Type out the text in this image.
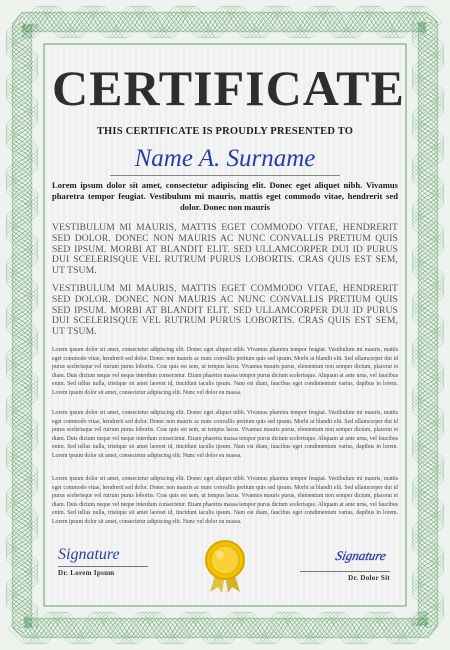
CERTIFICATE
THIS CERTIFICATE IS PROUDLY PRESENTED TO
Name A. Surname
Lorem ipsum dolor sit amet, consectetur adipiscing elit. Donec eget aliquet nibh. Vivamus pharetra tempor feugiat. Vestibulum mi mauris, mattis eget commodo vitae, hendrerit sed dolor. Donec non mauris
VESTIBULUM MI MAURIS, MATTIS EGET COMMODO VITAE, HENDRERIT SED DOLOR. DONEC NON MAURIS AC NUNC CONVALLIS PRETIUM QUIS SED IPSUM. MORBI AT BLANDIT ELIT. SED ULLAMCORPER DUI ID PURUS DUI SCELERISQUE VEL RUTRUM PURUS LOBORTIS. CRAS QUIS EST SEM, UT TSUM.
VESTIBULUM MI MAURIS, MATTIS EGET COMMODO VITAE, HENDRERIT SED DOLOR. DONEC NON MAURIS AC NUNC CONVALLIS PRETIUM QUIS SED IPSUM. MORBI AT BLANDIT ELIT. SED ULLAMCORPER DUI ID PURUS DUI SCELERISQUE VEL RUTRUM PURUS LOBORTIS. CRAS QUIS EST SEM, UT TSUM.
Lorem ipsum dolor sit amet, consectetur adipiscing elit. Donec eget aliquet nibh. Vivamus pharetra tempor feugiat. Vestibulum mi mauris, mattis eget commodo vitae, hendrerit sed dolor. Donec non mauris ac nunc convallis pretium quis sed ipsum. Morbi at blandit elit. Sed ullamcorper dui id purus scelerisque vel rutrum purus lobortis. Cras quis est sem, ut tempus lacus. Vivamus mauris purus, elementum non semper dictum, placerat et diam. Duis dictum neque vel neque interdum consectetur. Etiam pharetra massa tempor purus dictum scelerisque. Aliquam at ante urna, vel faucibus enim. Sed tellus nulla, tristique sit amet laoreet id, tincidunt iaculis ipsum. Nam est diam, faucibus eget condimentum varius, dapibus in lorem. Lorem ipsum dolor sit amet, consectetur adipiscing elit. Nunc vel dolor eu massa.
Lorem ipsum dolor sit amet, consectetur adipiscing elit. Donec eget aliquet nibh. Vivamus pharetra tempor feugiat. Vestibulum mi mauris, mattis eget commodo vitae, hendrerit sed dolor. Donec non mauris ac nunc convallis pretium quis sed ipsum. Morbi at blandit elit. Sed ullamcorper dui id purus scelerisque vel rutrum purus lobortis. Cras quis est sem, ut tempus lacus. Vivamus mauris purus, elementum non semper dictum, placerat et diam. Duis dictum neque vel neque interdum consectetur. Etiam pharetra massa tempor purus dictum scelerisque. Aliquam at ante urna, vel faucibus enim. Sed tellus nulla, tristique sit amet laoreet id, tincidunt iaculis ipsum. Nam est diam, faucibus eget condimentum varius, dapibus in lorem. Lorem ipsum dolor sit amet, consectetur adipiscing elit. Nunc vel dolor eu massa.
Lorem ipsum dolor sit amet, consectetur adipiscing elit. Donec eget aliquet nibh. Vivamus pharetra tempor feugiat. Vestibulum mi mauris, mattis eget commodo vitae, hendrerit sed dolor. Donec non mauris ac nunc convallis pretium quis sed ipsum. Morbi at blandit elit. Sed ullamcorper dui id purus scelerisque vel rutrum purus lobortis. Cras quis est sem, ut tempus lacus. Vivamus mauris purus, elementum non semper dictum, placerat et diam. Duis dictum neque vel neque interdum consectetur. Etiam pharetra massa tempor purus dictum scelerisque. Aliquam at ante urna, vel faucibus enim. Sed tellus nulla, tristique sit amet laoreet id, tincidunt iaculis ipsum. Nam est diam, faucibus eget condimentum varius, dapibus in lorem. Lorem ipsum dolor sit amet, consectetur adipiscing elit. Nunc vel dolor eu massa.
Signature
Dr. Lorem Ipsum
Signature
Dr. Dolor Sit
